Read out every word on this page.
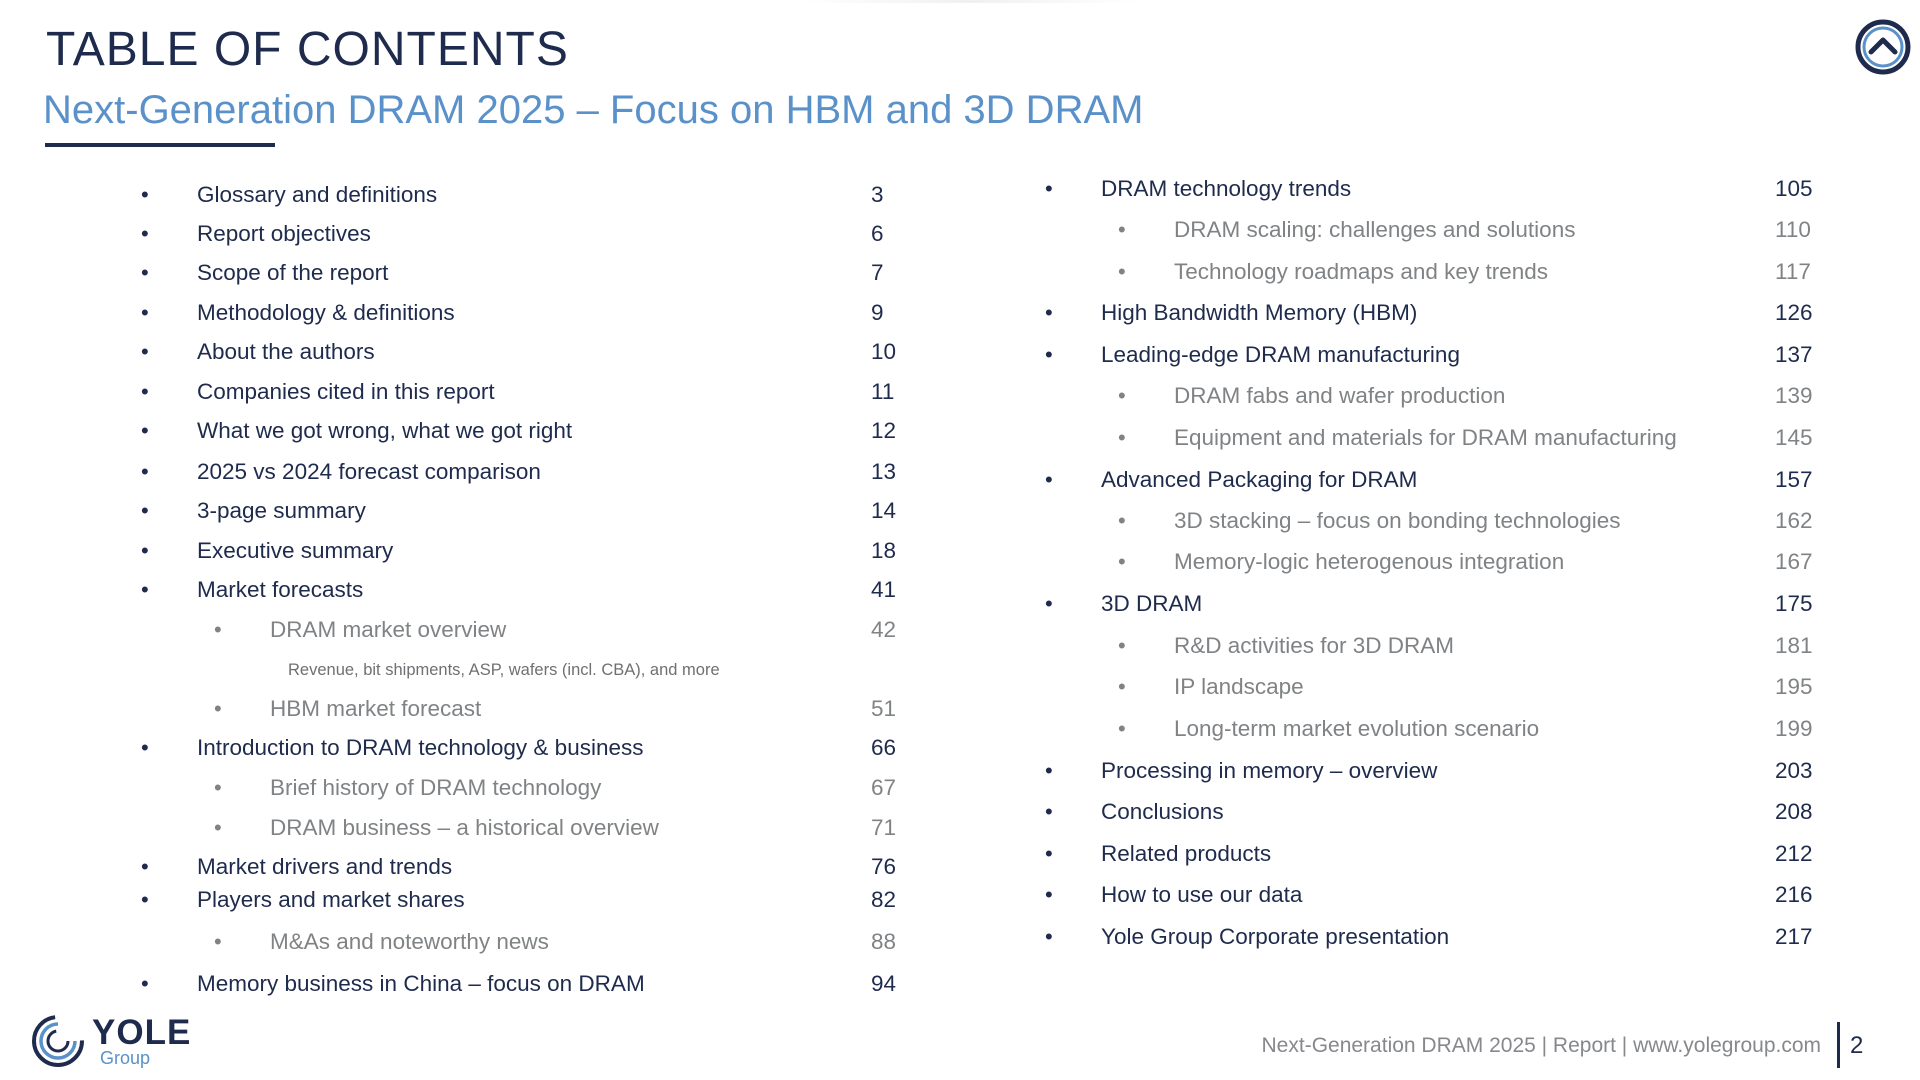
TABLE OF CONTENTS
Next-Generation DRAM 2025 – Focus on HBM and 3D DRAM
• Glossary and definitions	3
• Report objectives	6
• Scope of the report	7
• Methodology & definitions	9
• About the authors	10
• Companies cited in this report	11
• What we got wrong, what we got right	12
• 2025 vs 2024 forecast comparison	13
• 3-page summary	14
• Executive summary	18
• Market forecasts	41
• DRAM market overview	42
Revenue, bit shipments, ASP, wafers (incl. CBA), and more
• HBM market forecast	51
• Introduction to DRAM technology & business	66
• Brief history of DRAM technology	67
• DRAM business – a historical overview	71
• Market drivers and trends	76
• Players and market shares	82
• M&As and noteworthy news	88
• Memory business in China – focus on DRAM	94
• DRAM technology trends	105
• DRAM scaling: challenges and solutions	110
• Technology roadmaps and key trends	117
• High Bandwidth Memory (HBM)	126
• Leading-edge DRAM manufacturing	137
• DRAM fabs and wafer production	139
• Equipment and materials for DRAM manufacturing	145
• Advanced Packaging for DRAM	157
• 3D stacking – focus on bonding technologies	162
• Memory-logic heterogenous integration	167
• 3D DRAM	175
• R&D activities for 3D DRAM	181
• IP landscape	195
• Long-term market evolution scenario	199
• Processing in memory – overview	203
• Conclusions	208
• Related products	212
• How to use our data	216
• Yole Group Corporate presentation	217
YOLE
Group
Next-Generation DRAM 2025 | Report | www.yolegroup.com 2
